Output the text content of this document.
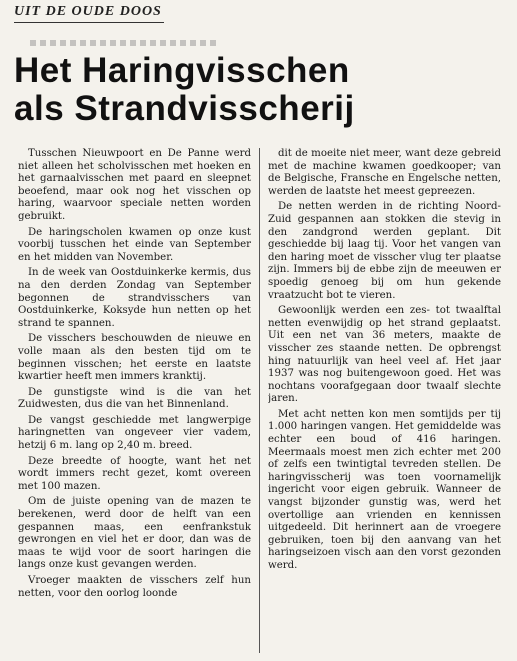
UIT DE OUDE DOOS
Het Haringvisschen
als Strandvisscherij

Tusschen Nieuwpoort en De Panne werd niet alleen het scholvisschen met hoeken en het garnaalvisschen met paard en sleepnet beoefend, maar ook nog het visschen op haring, waarvoor speciale netten worden gebruikt.

De haringscholen kwamen op onze kust voorbij tusschen het einde van September en het midden van November.

In de week van Oostduinkerke kermis, dus na den derden Zondag van September begonnen de strandvisschers van Oostduinkerke, Koksyde hun netten op het strand te spannen.

De visschers beschouwden de nieuwe en volle maan als den besten tijd om te beginnen visschen; het eerste en laatste kwartier heeft men immers kranktij.

De gunstigste wind is die van het Zuidwesten, dus die van het Binnenland.

De vangst geschiedde met langwerpige haringnetten van ongeveer vier vadem, hetzij 6 m. lang op 2,40 m. breed.

Deze breedte of hoogte, want het net wordt immers recht gezet, komt overeen met 100 mazen.

Om de juiste opening van de mazen te berekenen, werd door de helft van een gespannen maas, een eenfrankstuk gewrongen en viel het er door, dan was de maas te wijd voor de soort haringen die langs onze kust gevangen werden.

Vroeger maakten de visschers zelf hun netten, voor den oorlog loonde

dit de moeite niet meer, want deze gebreid met de machine kwamen goedkooper; van de Belgische, Fransche en Engelsche netten, werden de laatste het meest gepreezen.

De netten werden in de richting Noord-Zuid gespannen aan stokken die stevig in den zandgrond werden geplant. Dit geschiedde bij laag tij. Voor het vangen van den haring moet de visscher vlug ter plaatse zijn. Immers bij de ebbe zijn de meeuwen er spoedig genoeg bij om hun gekende vraatzucht bot te vieren.

Gewoonlijk werden een zes- tot twaalftal netten evenwijdig op het strand geplaatst. Uit een net van 36 meters, maakte de visscher zes staande netten. De opbrengst hing natuurlijk van heel veel af. Het jaar 1937 was nog buitengewoon goed. Het was nochtans voorafgegaan door twaalf slechte jaren.

Met acht netten kon men somtijds per tij 1.000 haringen vangen. Het gemiddelde was echter een boud of 416 haringen. Meermaals moest men zich echter met 200 of zelfs een twintigtal tevreden stellen. De haringvisscherij was toen voornamelijk ingericht voor eigen gebruik. Wanneer de vangst bijzonder gunstig was, werd het overtollige aan vrienden en kennissen uitgedeeld. Dit herinnert aan de vroegere gebruiken, toen bij den aanvang van het haringseizoen visch aan den vorst gezonden werd.
